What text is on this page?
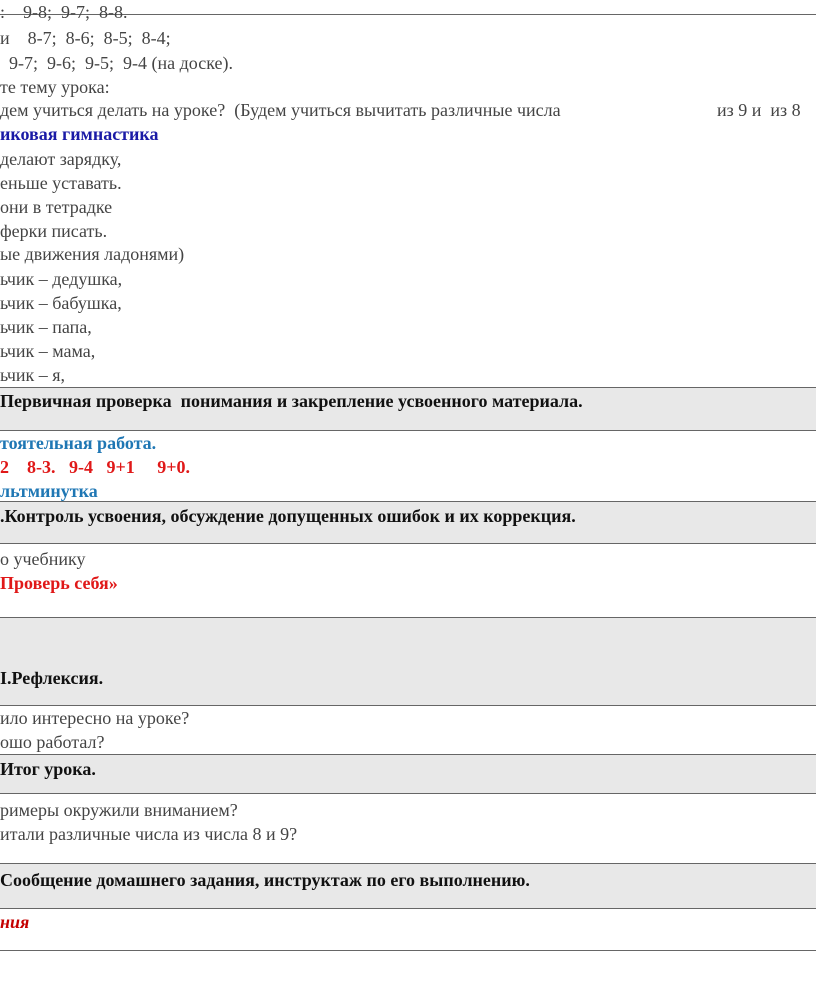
:    9-8;  9-7;  8-8.
и    8-7;  8-6;  8-5;  8-4;
9-7;  9-6;  9-5;  9-4 (на доске).
те тему урока:
дем учиться делать на уроке?  (Будем учиться вычитать различные числа	из 9 и  из 8
иковая гимнастика
делают зарядку,
еньше уставать.
они в тетрадке
ферки писать.
ые движения ладонями)
ьчик – дедушка,
ьчик – бабушка,
ьчик – папа,
ьчик – мама,
ьчик – я,
Первичная проверка  понимания и закрепление усвоенного материала.
тоятельная работа.
2    8-3.   9-4   9+1     9+0.
льтминутка
.Контроль усвоения, обсуждение допущенных ошибок и их коррекция.
о учебнику
Проверь себя»
I.Рефлексия.
ило интересно на уроке?
ошо работал?
Итог урока.
римеры окружили вниманием?
итали различные числа из числа 8 и 9?
Сообщение домашнего задания, инструктаж по его выполнению.
ния
